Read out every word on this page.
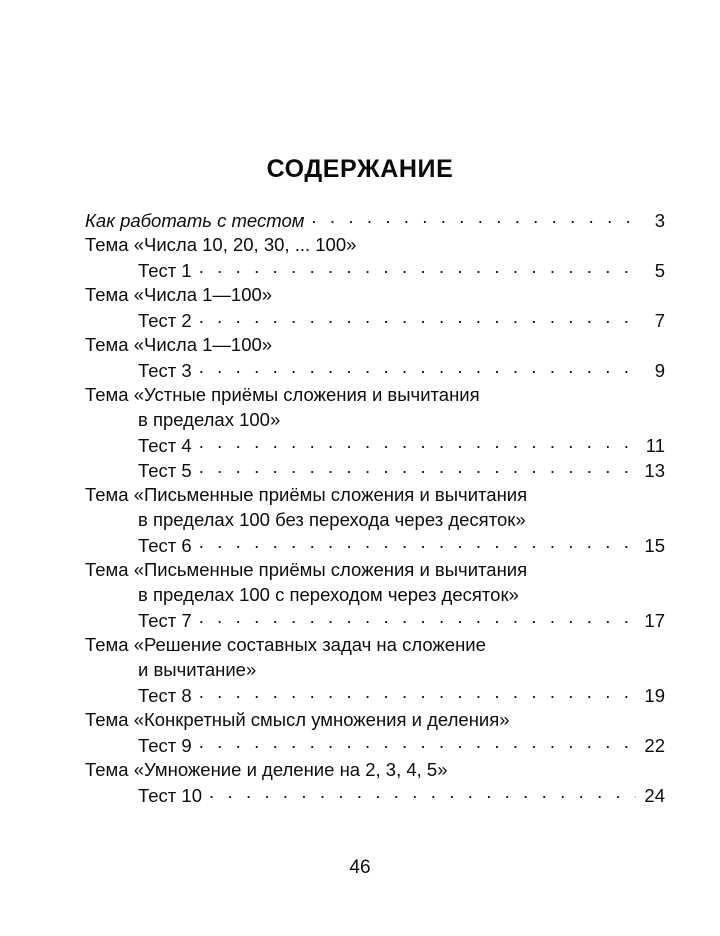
СОДЕРЖАНИЕ
Как работать с тестом . . .	3
Тема «Числа 10, 20, 30, ... 100»
Тест 1 . . .	5
Тема «Числа 1—100»
Тест 2 . . .	7
Тема «Числа 1—100»
Тест 3 . . .	9
Тема «Устные приёмы сложения и вычитания
в пределах 100»
Тест 4 . . .	11
Тест 5 . . .	13
Тема «Письменные приёмы сложения и вычитания
в пределах 100 без перехода через десяток»
Тест 6 . . .	15
Тема «Письменные приёмы сложения и вычитания
в пределах 100 с переходом через десяток»
Тест 7 . . .	17
Тема «Решение составных задач на сложение
и вычитание»
Тест 8 . . .	19
Тема «Конкретный смысл умножения и деления»
Тест 9 . . .	22
Тема «Умножение и деление на 2, 3, 4, 5»
Тест 10 . . .	24
46
